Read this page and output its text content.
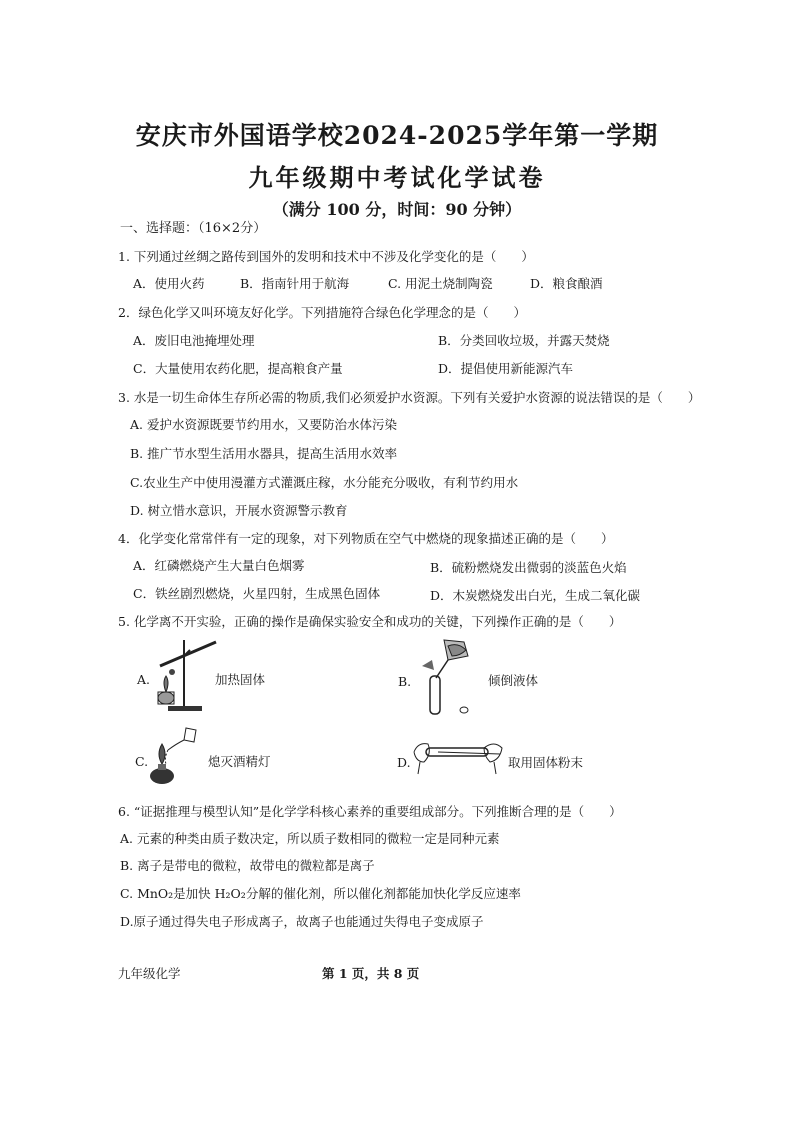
安庆市外国语学校2024-2025学年第一学期
九年级期中考试化学试卷
（满分 100 分，时间：90 分钟）
一、选择题：（16×2分）
1. 下列通过丝绸之路传到国外的发明和技术中不涉及化学变化的是（　　）
A．使用火药	B．指南针用于航海	C. 用泥土烧制陶瓷	D．粮食酿酒
2．绿色化学又叫环境友好化学。下列措施符合绿色化学理念的是（　　）
A．废旧电池掩埋处理	B．分类回收垃圾，并露天焚烧
C．大量使用农药化肥，提高粮食产量	D．提倡使用新能源汽车
3. 水是一切生命体生存所必需的物质,我们必须爱护水资源。下列有关爱护水资源的说法错误的是（　　）
A. 爱护水资源既要节约用水，又要防治水体污染
B. 推广节水型生活用水器具，提高生活用水效率
C.农业生产中使用漫灌方式灌溉庄稼，水分能充分吸收，有利节约用水
D. 树立惜水意识，开展水资源警示教育
4．化学变化常常伴有一定的现象，对下列物质在空气中燃烧的现象描述正确的是（　　）
A．红磷燃烧产生大量白色烟雾	B．硫粉燃烧发出微弱的淡蓝色火焰
C．铁丝剧烈燃烧，火星四射，生成黑色固体	D．木炭燃烧发出白光，生成二氧化碳
5. 化学离不开实验，正确的操作是确保实验安全和成功的关键，下列操作正确的是（　　）
A.	加热固体	B.	倾倒液体
C.	熄灭酒精灯	D.	取用固体粉末
6. “证据推理与模型认知”是化学学科核心素养的重要组成部分。下列推断合理的是（　　）
A. 元素的种类由质子数决定，所以质子数相同的微粒一定是同种元素
B. 离子是带电的微粒，故带电的微粒都是离子
C. MnO₂是加快 H₂O₂分解的催化剂，所以催化剂都能加快化学反应速率
D.原子通过得失电子形成离子，故离子也能通过失得电子变成原子
九年级化学	第 1 页，共 8 页
